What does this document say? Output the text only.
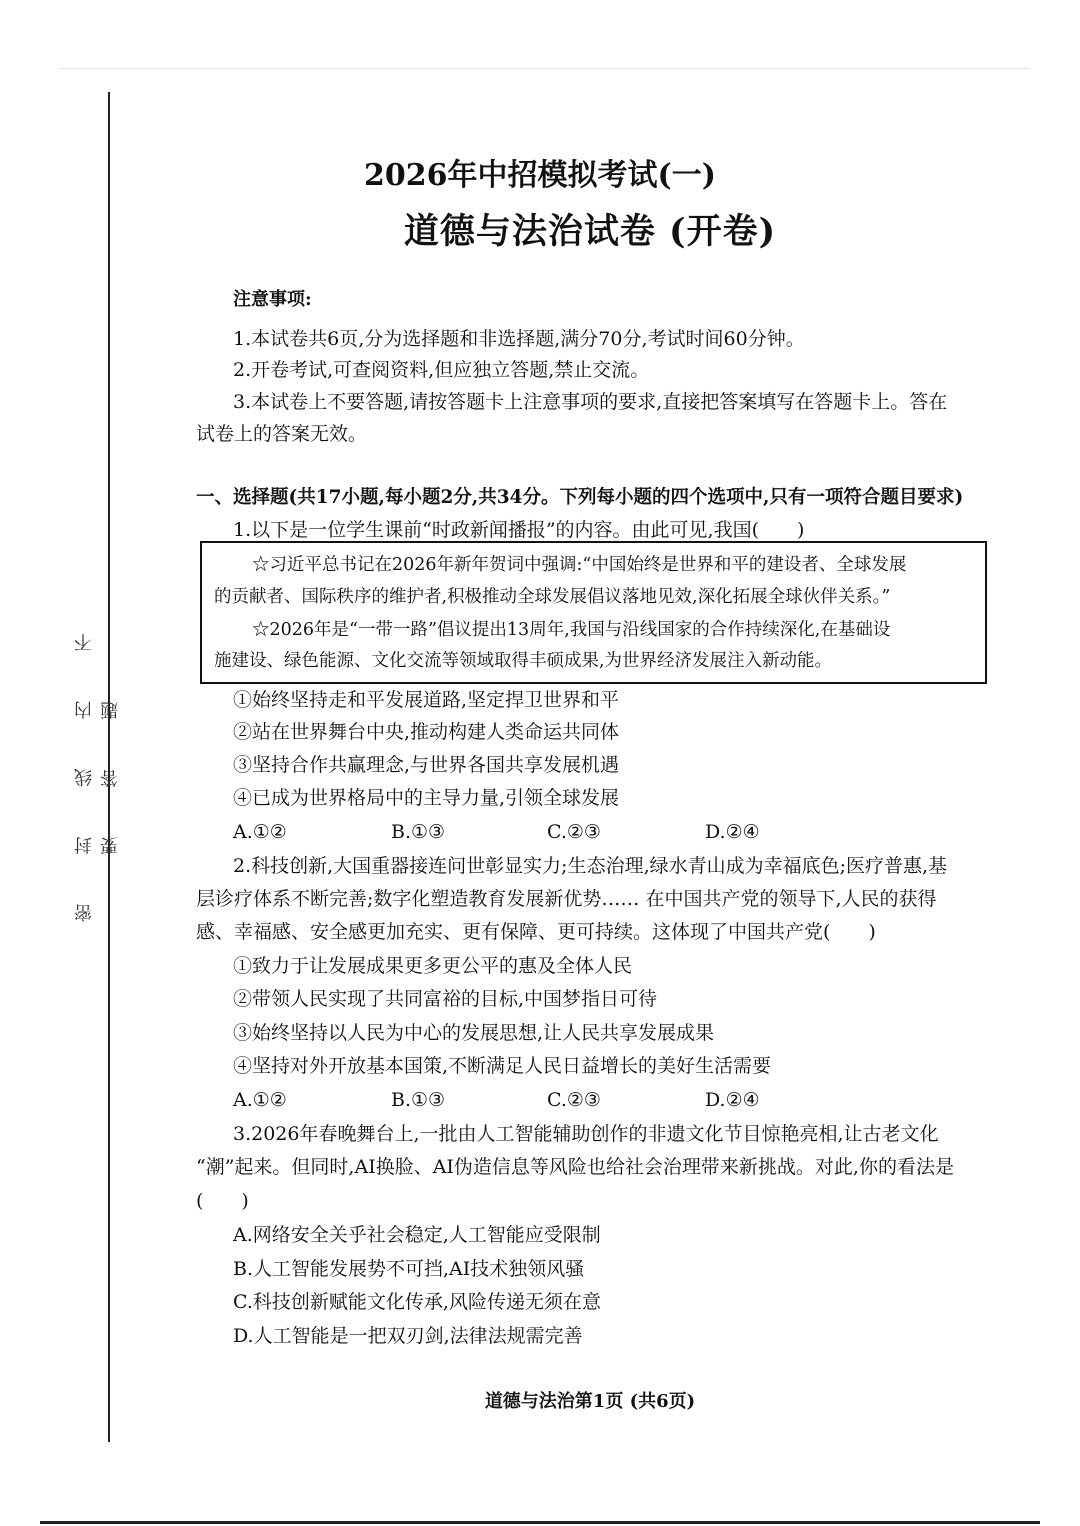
密 封 线 内 不 要 答 题
2026年中招模拟考试(一)
道德与法治试卷 (开卷)
注意事项:
1.本试卷共6页,分为选择题和非选择题,满分70分,考试时间60分钟。
2.开卷考试,可查阅资料,但应独立答题,禁止交流。
3.本试卷上不要答题,请按答题卡上注意事项的要求,直接把答案填写在答题卡上。答在
试卷上的答案无效。
一、选择题(共17小题,每小题2分,共34分。下列每小题的四个选项中,只有一项符合题目要求)
1.以下是一位学生课前“时政新闻播报”的内容。由此可见,我国(　　)
☆习近平总书记在2026年新年贺词中强调:“中国始终是世界和平的建设者、全球发展
的贡献者、国际秩序的维护者,积极推动全球发展倡议落地见效,深化拓展全球伙伴关系。”
☆2026年是“一带一路”倡议提出13周年,我国与沿线国家的合作持续深化,在基础设
施建设、绿色能源、文化交流等领域取得丰硕成果,为世界经济发展注入新动能。
①始终坚持走和平发展道路,坚定捍卫世界和平
②站在世界舞台中央,推动构建人类命运共同体
③坚持合作共赢理念,与世界各国共享发展机遇
④已成为世界格局中的主导力量,引领全球发展
A.①②	B.①③	C.②③	D.②④
2.科技创新,大国重器接连问世彰显实力;生态治理,绿水青山成为幸福底色;医疗普惠,基
层诊疗体系不断完善;数字化塑造教育发展新优势…… 在中国共产党的领导下,人民的获得
感、幸福感、安全感更加充实、更有保障、更可持续。这体现了中国共产党(　　)
①致力于让发展成果更多更公平的惠及全体人民
②带领人民实现了共同富裕的目标,中国梦指日可待
③始终坚持以人民为中心的发展思想,让人民共享发展成果
④坚持对外开放基本国策,不断满足人民日益增长的美好生活需要
A.①②	B.①③	C.②③	D.②④
3.2026年春晚舞台上,一批由人工智能辅助创作的非遗文化节目惊艳亮相,让古老文化
“潮”起来。但同时,AI换脸、AI伪造信息等风险也给社会治理带来新挑战。对此,你的看法是
(　　)
A.网络安全关乎社会稳定,人工智能应受限制
B.人工智能发展势不可挡,AI技术独领风骚
C.科技创新赋能文化传承,风险传递无须在意
D.人工智能是一把双刃剑,法律法规需完善
道德与法治第1页 (共6页)
